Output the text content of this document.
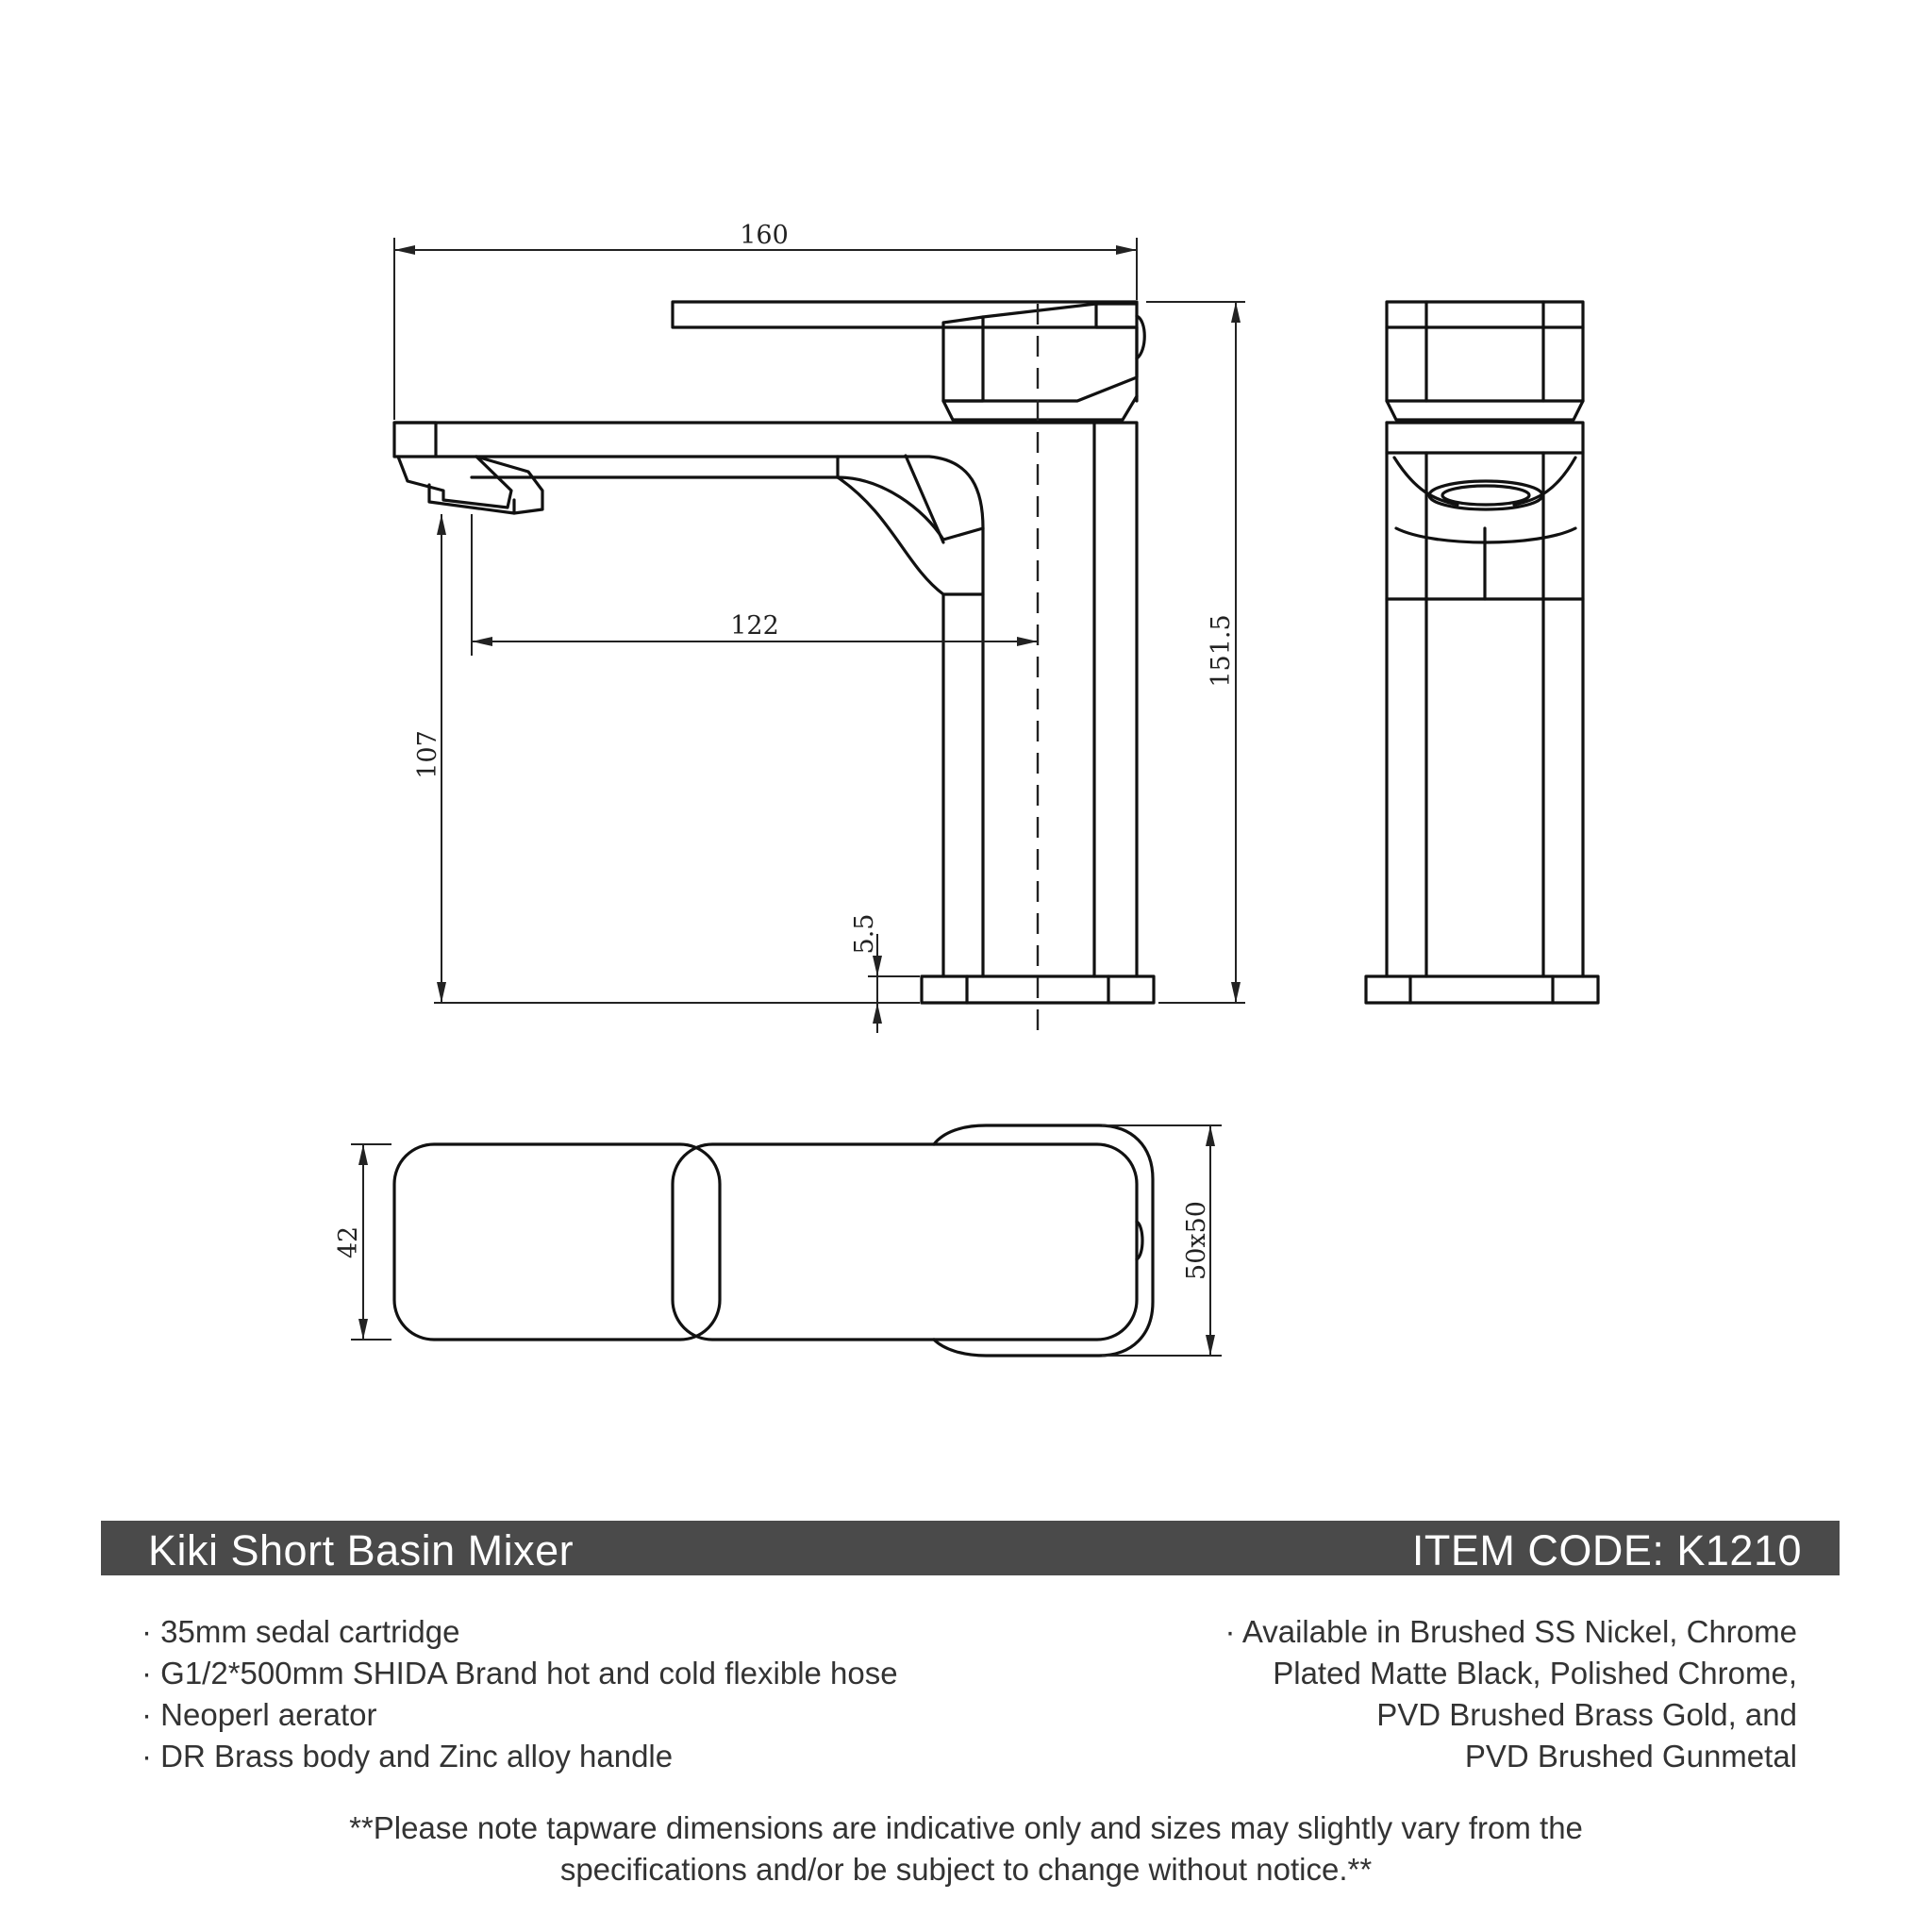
160
122
107
5.5
151.5
42	50x50
Kiki Short Basin Mixer	ITEM CODE: K1210
· 35mm sedal cartridge
· G1/2*500mm SHIDA Brand hot and cold flexible hose
· Neoperl aerator
· DR Brass body and Zinc alloy handle
· Available in Brushed SS Nickel, Chrome
Plated Matte Black, Polished Chrome,
PVD Brushed Brass Gold, and
PVD Brushed Gunmetal
**Please note tapware dimensions are indicative only and sizes may slightly vary from the
specifications and/or be subject to change without notice.**
